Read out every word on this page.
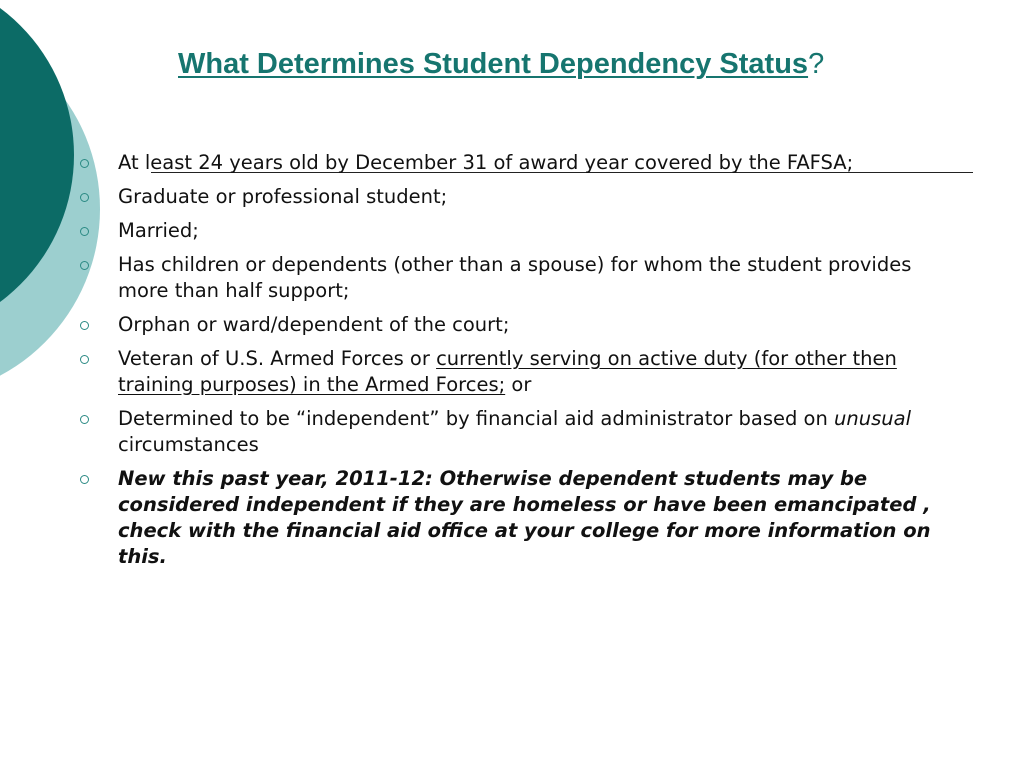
What Determines Student Dependency Status?
At least 24 years old by December 31 of award year covered by the FAFSA;
Graduate or professional student;
Married;
Has children or dependents (other than a spouse) for whom the student provides more than half support;
Orphan or ward/dependent of the court;
Veteran of U.S. Armed Forces or currently serving on active duty (for other then training purposes) in the Armed Forces; or
Determined to be “independent” by financial aid administrator based on unusual circumstances
New this past year, 2011-12: Otherwise dependent students may be considered independent if they are homeless or have been emancipated , check with the financial aid office at your college for more information on this.
